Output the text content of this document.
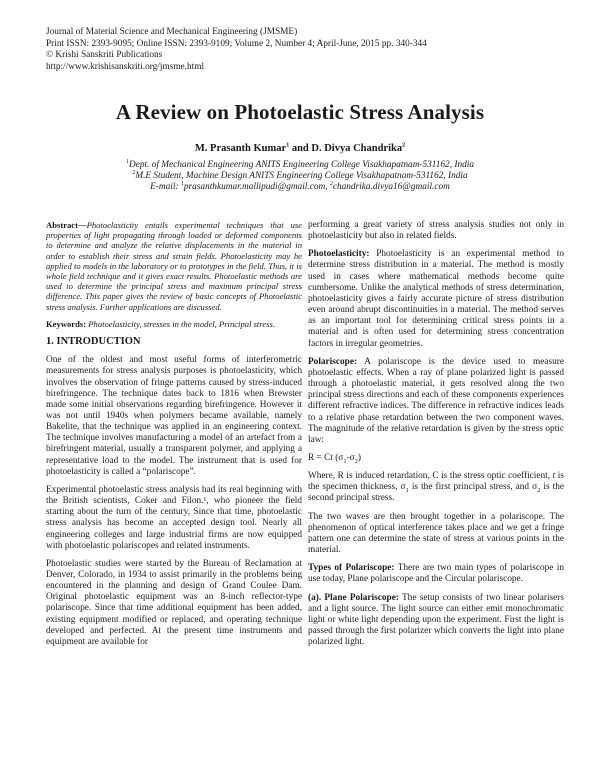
Journal of Material Science and Mechanical Engineering (JMSME)
Print ISSN: 2393-9095; Online ISSN: 2393-9109; Volume 2, Number 4; April-June, 2015 pp. 340-344
© Krishi Sanskriti Publications
http://www.krishisanskriti.org/jmsme.html
A Review on Photoelastic Stress Analysis
M. Prasanth Kumar$^1$ and D. Divya Chandrika$^2$
$^1$Dept. of Mechanical Engineering ANITS Engineering College Visakhapatnam-531162, India
$^2$M.E Student, Machine Design ANITS Engineering College Visakhapatnam-531162, India
E-mail: $^1$prasanthkumar.mallipudi@gmail.com, $^2$chandrika.divya16@gmail.com

Abstract—Photoelasticity entails experimental techniques that use properties of light propagating through loaded or deformed components to determine and analyze the relative displacements in the material in order to establish their stress and strain fields. Photoelasticity may be applied to models in the laboratory or to prototypes in the field. Thus, it is whole field technique and it gives exact results. Photoelastic methods are used to determine the principal stress and maximum principal stress difference. This paper gives the review of basic concepts of Photoelastic stress analysis. Further applications are discussed.

Keywords: Photoelasticity, stresses in the model, Principal stress.

1. INTRODUCTION

One of the oldest and most useful forms of interferometric measurements for stress analysis purposes is photoelasticity, which involves the observation of fringe patterns caused by stress-induced birefringence. The technique dates back to 1816 when Brewster made some initial observations regarding birefringence. However it was not until 1940s when polymers became available, namely Bakelite, that the technique was applied in an engineering context. The technique involves manufacturing a model of an artefact from a birefringent material, usually a transparent polymer, and applying a representative load to the model. The instrument that is used for photoelasticity is called a “polariscope”.

Experimental photoelastic stress analysis had its real beginning with the British scientists, Coker and Filon.¹, who pioneer the field starting about the turn of the century, Since that time, photoelastic stress analysis has become an accepted design tool. Nearly all engineering colleges and large industrial firms are now equipped with photoelastic polariscopes and related instruments.

Photoelastic studies were started by the Bureau of Reclamation at Denver, Colorado, in 1934 to assist primarily in the problems being encountered in the planning and design of Grand Coulee Dam. Original photoelastic equipment was an 8-inch reflector-type polariscope. Since that time additional equipment has been added, existing equipment modified or replaced, and operating technique developed and perfected. At the present time instruments and equipment are available for

performing a great variety of stress analysis studies not only in photoelasticity but also in related fields.

Photoelasticity: Photoelasticity is an experimental method to determine stress distribution in a material. The method is mostly used in cases where mathematical methods become quite cumbersome. Unlike the analytical methods of stress determination, photoelasticity gives a fairly accurate picture of stress distribution even around abrupt discontinuities in a material. The method serves as an important tool for determining critical stress points in a material and is often used for determining stress concentration factors in irregular geometries.

Polariscope: A polariscope is the device used to measure photoelastic effects. When a ray of plane polarized light is passed through a photoelastic material, it gets resolved along the two principal stress directions and each of these components experiences different refractive indices. The difference in refractive indices leads to a relative phase retardation between the two component waves. The magnitude of the relative retardation is given by the stress optic law:

R = Ct $(\sigma_1-\sigma_2)$

Where, R is induced retardation, C is the stress optic coefficient, t is the specimen thickness, $\sigma_1$ is the first principal stress, and $\sigma_2$ is the second principal stress.

The two waves are then brought together in a polariscope. The phenomenon of optical interference takes place and we get a fringe pattern one can determine the state of stress at various points in the material.

Types of Polariscope: There are two main types of polariscope in use today, Plane polariscope and the Circular polariscope.

(a). Plane Polariscope: The setup consists of two linear polarisers and a light source. The light source can either emit monochromatic light or white light depending upon the experiment. First the light is passed through the first polarizer which converts the light into plane polarized light.
